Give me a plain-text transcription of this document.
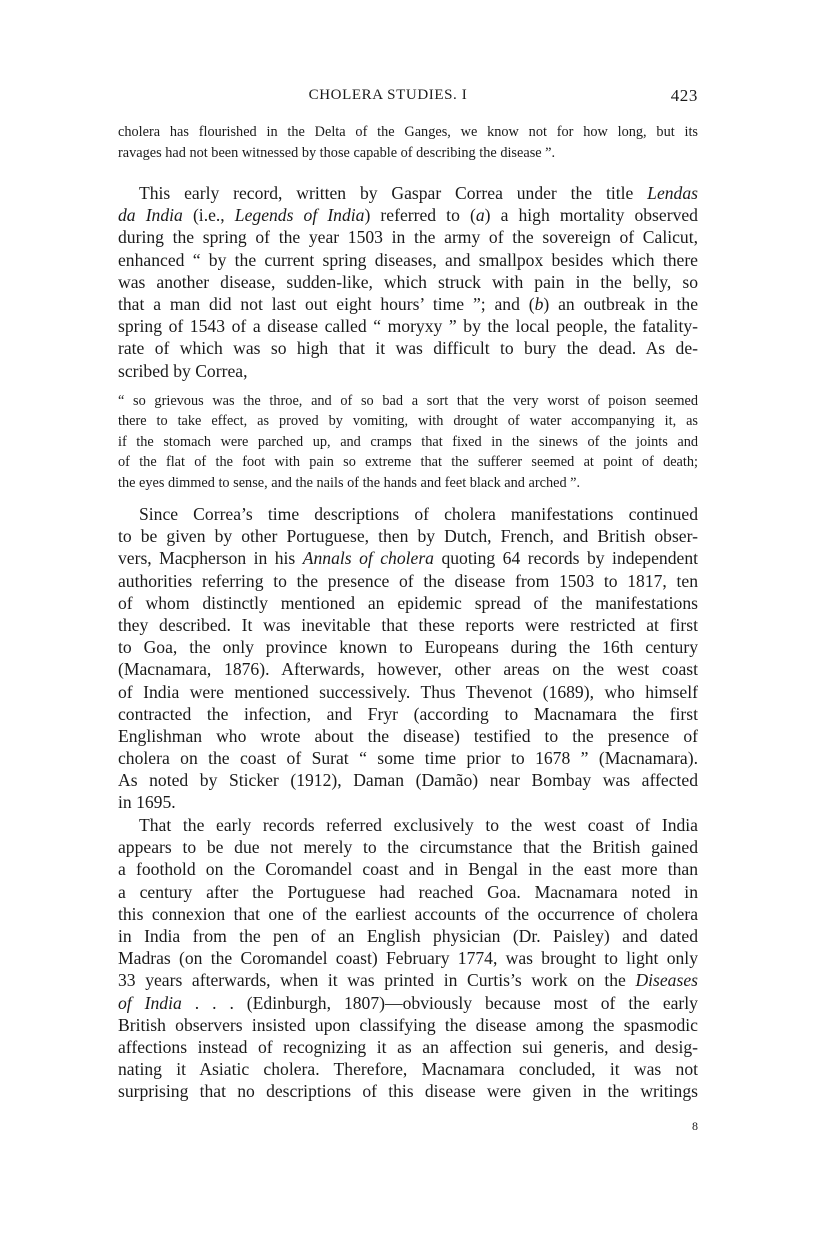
CHOLERA STUDIES. I	423
cholera has flourished in the Delta of the Ganges, we know not for how long, but its
ravages had not been witnessed by those capable of describing the disease ”.
This early record, written by Gaspar Correa under the title Lendas
da India (i.e., Legends of India) referred to (a) a high mortality observed
during the spring of the year 1503 in the army of the sovereign of Calicut,
enhanced “ by the current spring diseases, and smallpox besides which there
was another disease, sudden-like, which struck with pain in the belly, so
that a man did not last out eight hours’ time ”; and (b) an outbreak in the
spring of 1543 of a disease called “ moryxy ” by the local people, the fatality-
rate of which was so high that it was difficult to bury the dead. As de-
scribed by Correa,
“ so grievous was the throe, and of so bad a sort that the very worst of poison seemed
there to take effect, as proved by vomiting, with drought of water accompanying it, as
if the stomach were parched up, and cramps that fixed in the sinews of the joints and
of the flat of the foot with pain so extreme that the sufferer seemed at point of death;
the eyes dimmed to sense, and the nails of the hands and feet black and arched ”.
Since Correa’s time descriptions of cholera manifestations continued
to be given by other Portuguese, then by Dutch, French, and British obser-
vers, Macpherson in his Annals of cholera quoting 64 records by independent
authorities referring to the presence of the disease from 1503 to 1817, ten
of whom distinctly mentioned an epidemic spread of the manifestations
they described. It was inevitable that these reports were restricted at first
to Goa, the only province known to Europeans during the 16th century
(Macnamara, 1876). Afterwards, however, other areas on the west coast
of India were mentioned successively. Thus Thevenot (1689), who himself
contracted the infection, and Fryr (according to Macnamara the first
Englishman who wrote about the disease) testified to the presence of
cholera on the coast of Surat “ some time prior to 1678 ” (Macnamara).
As noted by Sticker (1912), Daman (Damão) near Bombay was affected
in 1695.
That the early records referred exclusively to the west coast of India
appears to be due not merely to the circumstance that the British gained
a foothold on the Coromandel coast and in Bengal in the east more than
a century after the Portuguese had reached Goa. Macnamara noted in
this connexion that one of the earliest accounts of the occurrence of cholera
in India from the pen of an English physician (Dr. Paisley) and dated
Madras (on the Coromandel coast) February 1774, was brought to light only
33 years afterwards, when it was printed in Curtis’s work on the Diseases
of India . . . (Edinburgh, 1807)—obviously because most of the early
British observers insisted upon classifying the disease among the spasmodic
affections instead of recognizing it as an affection sui generis, and desig-
nating it Asiatic cholera. Therefore, Macnamara concluded, it was not
surprising that no descriptions of this disease were given in the writings
8
